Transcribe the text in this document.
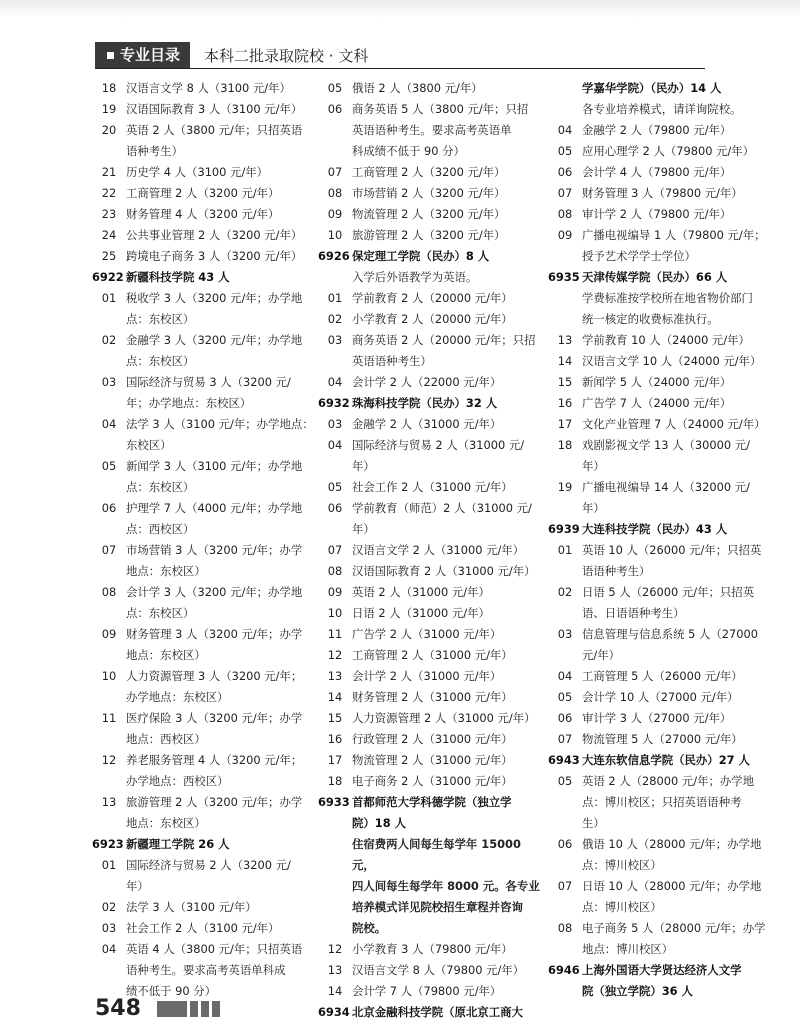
专业目录 本科二批录取院校 · 文科
18 汉语言文学 8 人（3100 元/年）
19 汉语国际教育 3 人（3100 元/年）
20 英语 2 人（3800 元/年；只招英语
语种考生）
21 历史学 4 人（3100 元/年）
22 工商管理 2 人（3200 元/年）
23 财务管理 4 人（3200 元/年）
24 公共事业管理 2 人（3200 元/年）
25 跨境电子商务 3 人（3200 元/年）
6922 新疆科技学院 43 人
01 税收学 3 人（3200 元/年；办学地
点：东校区）
02 金融学 3 人（3200 元/年；办学地
点：东校区）
03 国际经济与贸易 3 人（3200 元/
年；办学地点：东校区）
04 法学 3 人（3100 元/年；办学地点：
东校区）
05 新闻学 3 人（3100 元/年；办学地
点：东校区）
06 护理学 7 人（4000 元/年；办学地
点：西校区）
07 市场营销 3 人（3200 元/年；办学
地点：东校区）
08 会计学 3 人（3200 元/年；办学地
点：东校区）
09 财务管理 3 人（3200 元/年；办学
地点：东校区）
10 人力资源管理 3 人（3200 元/年；
办学地点：东校区）
11 医疗保险 3 人（3200 元/年；办学
地点：西校区）
12 养老服务管理 4 人（3200 元/年；
办学地点：西校区）
13 旅游管理 2 人（3200 元/年；办学
地点：东校区）
6923 新疆理工学院 26 人
01 国际经济与贸易 2 人（3200 元/
年）
02 法学 3 人（3100 元/年）
03 社会工作 2 人（3100 元/年）
04 英语 4 人（3800 元/年；只招英语
语种考生。要求高考英语单科成
绩不低于 90 分）
05 俄语 2 人（3800 元/年）
06 商务英语 5 人（3800 元/年；只招
英语语种考生。要求高考英语单
科成绩不低于 90 分）
07 工商管理 2 人（3200 元/年）
08 市场营销 2 人（3200 元/年）
09 物流管理 2 人（3200 元/年）
10 旅游管理 2 人（3200 元/年）
6926 保定理工学院（民办）8 人
入学后外语教学为英语。
01 学前教育 2 人（20000 元/年）
02 小学教育 2 人（20000 元/年）
03 商务英语 2 人（20000 元/年；只招
英语语种考生）
04 会计学 2 人（22000 元/年）
6932 珠海科技学院（民办）32 人
03 金融学 2 人（31000 元/年）
04 国际经济与贸易 2 人（31000 元/
年）
05 社会工作 2 人（31000 元/年）
06 学前教育（师范）2 人（31000 元/
年）
07 汉语言文学 2 人（31000 元/年）
08 汉语国际教育 2 人（31000 元/年）
09 英语 2 人（31000 元/年）
10 日语 2 人（31000 元/年）
11 广告学 2 人（31000 元/年）
12 工商管理 2 人（31000 元/年）
13 会计学 2 人（31000 元/年）
14 财务管理 2 人（31000 元/年）
15 人力资源管理 2 人（31000 元/年）
16 行政管理 2 人（31000 元/年）
17 物流管理 2 人（31000 元/年）
18 电子商务 2 人（31000 元/年）
6933 首都师范大学科德学院（独立学
院）18 人
住宿费两人间每生每学年 15000 元，
四人间每生每学年 8000 元。各专业
培养模式详见院校招生章程并咨询
院校。
12 小学教育 3 人（79800 元/年）
13 汉语言文学 8 人（79800 元/年）
14 会计学 7 人（79800 元/年）
6934 北京金融科技学院（原北京工商大
学嘉华学院）（民办）14 人
各专业培养模式，请详询院校。
04 金融学 2 人（79800 元/年）
05 应用心理学 2 人（79800 元/年）
06 会计学 4 人（79800 元/年）
07 财务管理 3 人（79800 元/年）
08 审计学 2 人（79800 元/年）
09 广播电视编导 1 人（79800 元/年；
授予艺术学学士学位）
6935 天津传媒学院（民办）66 人
学费标准按学校所在地省物价部门
统一核定的收费标准执行。
13 学前教育 10 人（24000 元/年）
14 汉语言文学 10 人（24000 元/年）
15 新闻学 5 人（24000 元/年）
16 广告学 7 人（24000 元/年）
17 文化产业管理 7 人（24000 元/年）
18 戏剧影视文学 13 人（30000 元/
年）
19 广播电视编导 14 人（32000 元/
年）
6939 大连科技学院（民办）43 人
01 英语 10 人（26000 元/年；只招英
语语种考生）
02 日语 5 人（26000 元/年；只招英
语、日语语种考生）
03 信息管理与信息系统 5 人（27000
元/年）
04 工商管理 5 人（26000 元/年）
05 会计学 10 人（27000 元/年）
06 审计学 3 人（27000 元/年）
07 物流管理 5 人（27000 元/年）
6943 大连东软信息学院（民办）27 人
05 英语 2 人（28000 元/年；办学地
点：博川校区；只招英语语种考
生）
06 俄语 10 人（28000 元/年；办学地
点：博川校区）
07 日语 10 人（28000 元/年；办学地
点：博川校区）
08 电子商务 5 人（28000 元/年；办学
地点：博川校区）
6946 上海外国语大学贤达经济人文学
院（独立学院）36 人
548
